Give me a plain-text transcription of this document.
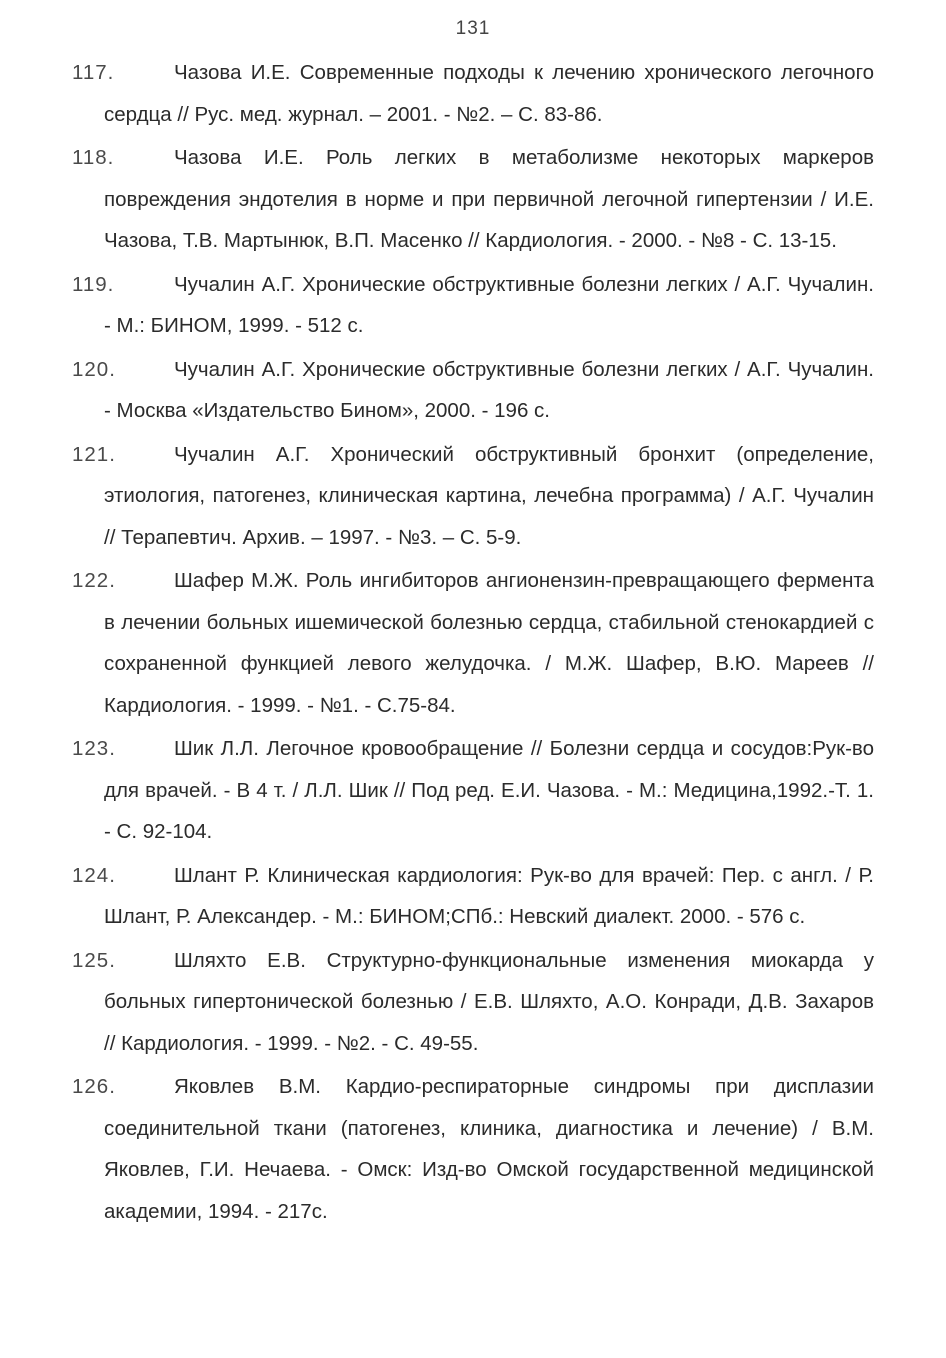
131
117.	Чазова И.Е. Современные подходы к лечению хронического легочного сердца // Рус. мед. журнал. – 2001. - №2. – С. 83-86.
118.	Чазова И.Е. Роль легких в метаболизме некоторых маркеров повреждения эндотелия в норме и при первичной легочной гипертензии / И.Е. Чазова, Т.В. Мартынюк, В.П. Масенко // Кардиология. - 2000. - №8 - С. 13-15.
119.	Чучалин А.Г. Хронические обструктивные болезни легких / А.Г. Чучалин. - М.: БИНОМ, 1999. - 512 с.
120.	Чучалин А.Г. Хронические обструктивные болезни легких / А.Г. Чучалин. - Москва «Издательство Бином», 2000. - 196 с.
121.	Чучалин А.Г. Хронический обструктивный бронхит (определение, этиология, патогенез, клиническая картина, лечебна программа) / А.Г. Чучалин // Терапевтич. Архив. – 1997. - №3. – С. 5-9.
122.	Шафер М.Ж. Роль ингибиторов ангионензин-превращающего фермента в лечении больных ишемической болезнью сердца, стабильной стенокардией с сохраненной функцией левого желудочка. / М.Ж. Шафер, В.Ю. Мареев // Кардиология. - 1999. - №1. - С.75-84.
123.	Шик Л.Л. Легочное кровообращение // Болезни сердца и сосудов:Рук-во для врачей. - В 4 т. / Л.Л. Шик // Под ред. Е.И. Чазова. - М.: Медицина,1992.-Т. 1. - С. 92-104.
124.	Шлант Р. Клиническая кардиология: Рук-во для врачей: Пер. с англ. / Р. Шлант, Р. Александер. - М.: БИНОМ;СПб.: Невский диалект. 2000. - 576 с.
125.	Шляхто Е.В. Структурно-функциональные изменения миокарда у больных гипертонической болезнью / Е.В. Шляхто, А.О. Конради, Д.В. Захаров // Кардиология. - 1999. - №2. - С. 49-55.
126.	Яковлев В.М. Кардио-респираторные синдромы при дисплазии соединительной ткани (патогенез, клиника, диагностика и лечение) / В.М. Яковлев, Г.И. Нечаева. - Омск: Изд-во Омской государственной медицинской академии, 1994. - 217с.
